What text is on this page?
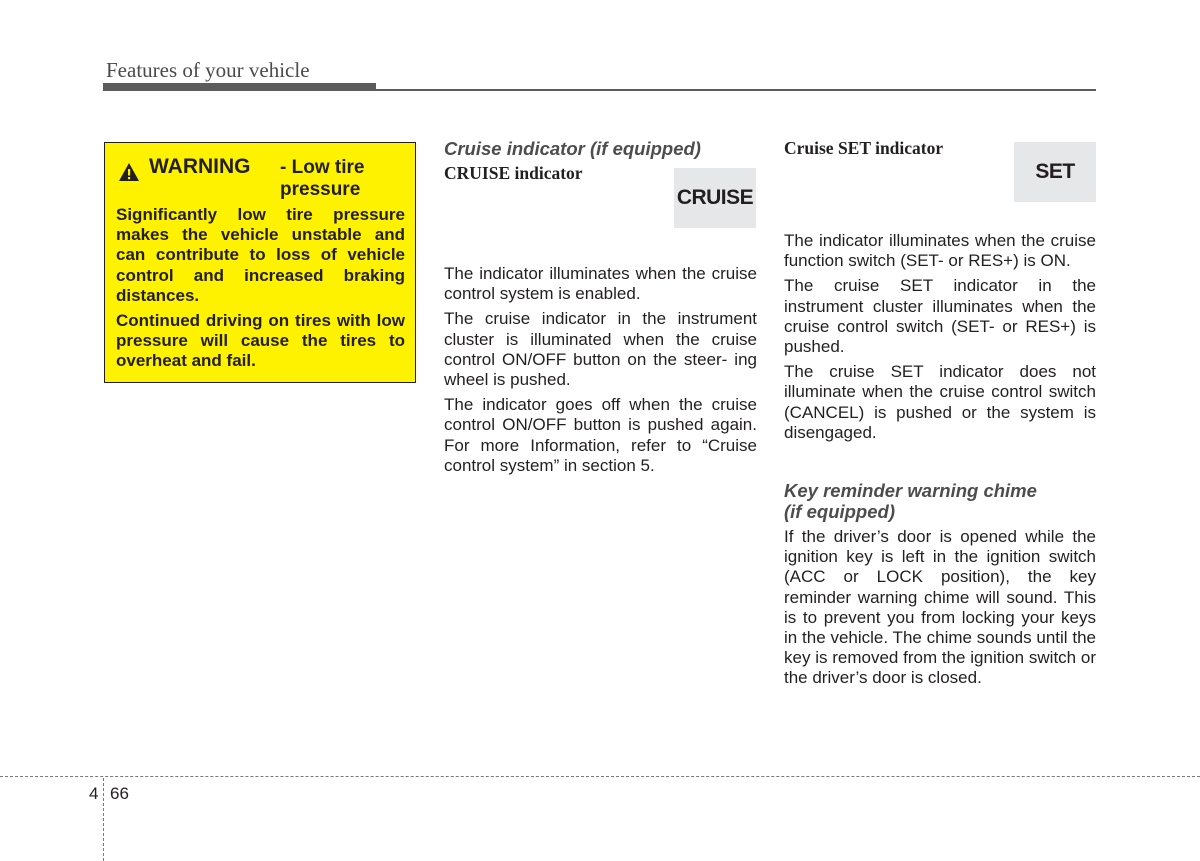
Features of your vehicle
WARNING - Low tire
pressure

Significantly low tire pressure makes the vehicle unstable and can contribute to loss of vehicle control and increased braking distances.

Continued driving on tires with low pressure will cause the tires to overheat and fail.

Cruise indicator (if equipped)

CRUISE indicator

The indicator illuminates when the cruise control system is enabled.

The cruise indicator in the instrument cluster is illuminated when the cruise control ON/OFF button on the steer- ing wheel is pushed.

The indicator goes off when the cruise control ON/OFF button is pushed again. For more Information, refer to “Cruise control system” in section 5.

CRUISE

Cruise SET indicator

The indicator illuminates when the cruise function switch (SET- or RES+) is ON.

The cruise SET indicator in the instrument cluster illuminates when the cruise control switch (SET- or RES+) is pushed.

The cruise SET indicator does not illuminate when the cruise control switch (CANCEL) is pushed or the system is disengaged.

Key reminder warning chime

(if equipped)

If the driver’s door is opened while the ignition key is left in the ignition switch (ACC or LOCK position), the key reminder warning chime will sound. This is to prevent you from locking your keys in the vehicle. The chime sounds until the key is removed from the ignition switch or the driver’s door is closed.

SET
4 66
